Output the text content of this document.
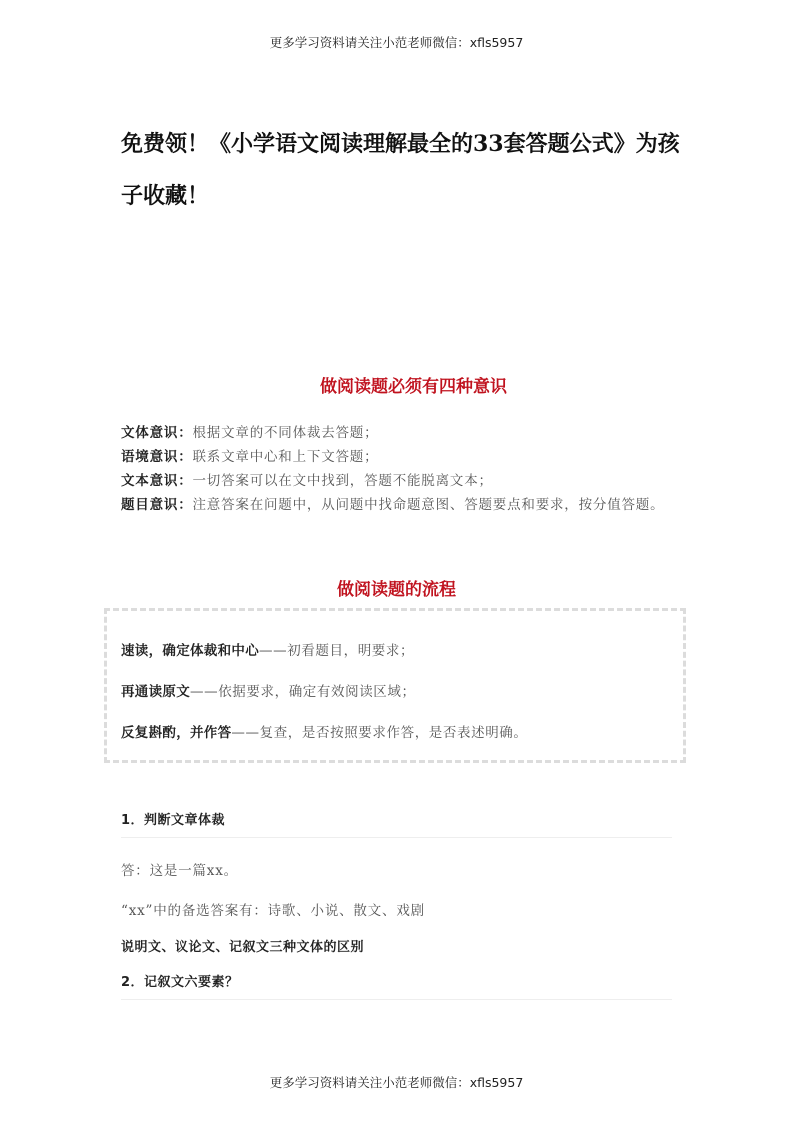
更多学习资料请关注小范老师微信：xfls5957
免费领！《小学语文阅读理解最全的33套答题公式》为孩子收藏！
做阅读题必须有四种意识

文体意识：根据文章的不同体裁去答题；

语境意识：联系文章中心和上下文答题；

文本意识：一切答案可以在文中找到，答题不能脱离文本；

题目意识：注意答案在问题中，从问题中找命题意图、答题要点和要求，按分值答题。

做阅读题的流程
速读，确定体裁和中心——初看题目，明要求；
再通读原文——依据要求，确定有效阅读区域；
反复斟酌，并作答——复查，是否按照要求作答，是否表述明确。
1．判断文章体裁
答：这是一篇xx。
“xx”中的备选答案有：诗歌、小说、散文、戏剧
说明文、议论文、记叙文三种文体的区别
2．记叙文六要素？
更多学习资料请关注小范老师微信：xfls5957
